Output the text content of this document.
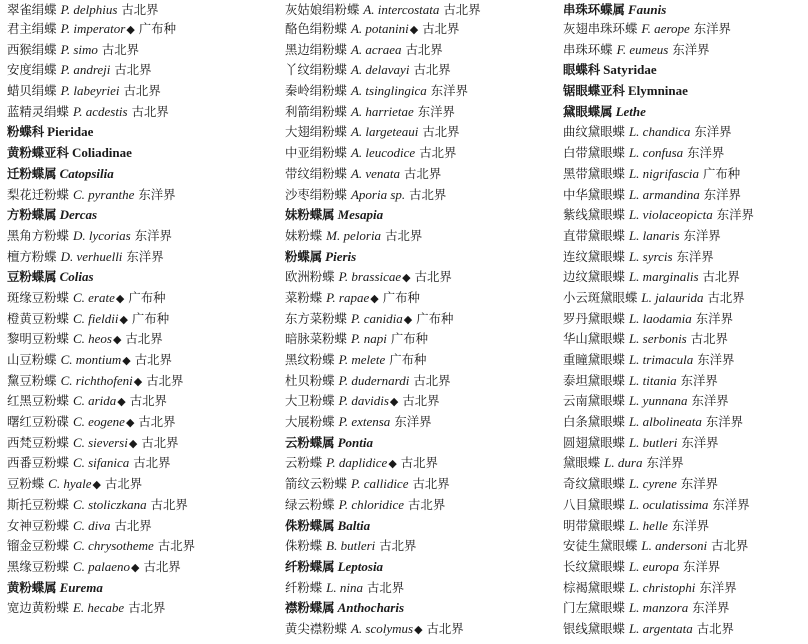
翠雀绢蝶 P. delphius 古北界
君主绢蝶 P. imperator◆ 广布种
西猴绢蝶 P. simo 古北界
安度绢蝶 P. andreji 古北界
蜡贝绢蝶 P. labeyriei 古北界
蓝精灵绢蝶 P. acdestis 古北界
粉蝶科 Pieridae
黄粉蝶亚科 Coliadinae
迁粉蝶属 Catopsilia
梨花迁粉蝶 C. pyranthe 东洋界
方粉蝶属 Dercas
黑角方粉蝶 D. lycorias 东洋界
檀方粉蝶 D. verhuelli 东洋界
豆粉蝶属 Colias
斑缘豆粉蝶 C. erate◆ 广布种
橙黄豆粉蝶 C. fieldii◆ 广布种
黎明豆粉蝶 C. heos◆ 古北界
山豆粉蝶 C. montium◆ 古北界
黧豆粉蝶 C. richthofeni◆ 古北界
红黑豆粉蝶 C. arida◆ 古北界
曙红豆粉碟 C. eogene◆ 古北界
西梵豆粉蝶 C. sieversi◆ 古北界
西番豆粉蝶 C. sifanica 古北界
豆粉蝶 C. hyale◆ 古北界
斯托豆粉蝶 C. stoliczkana 古北界
女神豆粉蝶 C. diva 古北界
镏金豆粉蝶 C. chrysotheme 古北界
黑缘豆粉蝶 C. palaeno◆ 古北界
黄粉蝶属 Eurema
宽边黄粉蝶 E. hecabe 古北界
灰姑娘绢粉蝶 A. intercostata 古北界
酪色绢粉蝶 A. potanini◆ 古北界
黑边绢粉蝶 A. acraea 古北界
丫纹绢粉蝶 A. delavayi 古北界
秦岭绢粉蝶 A. tsinglingica 东洋界
利箭绢粉蝶 A. harrietae 东洋界
大翅绢粉蝶 A. largeteaui 古北界
中亚绢粉蝶 A. leucodice 古北界
带纹绢粉蝶 A. venata 古北界
沙枣绢粉蝶 Aporia sp. 古北界
妹粉蝶属 Mesapia
妹粉蝶 M. peloria 古北界
粉蝶属 Pieris
欧洲粉蝶 P. brassicae◆ 古北界
菜粉蝶 P. rapae◆ 广布种
东方菜粉蝶 P. canidia◆ 广布种
暗脉菜粉蝶 P. napi 广布种
黑纹粉蝶 P. melete 广布种
杜贝粉蝶 P. dudernardi 古北界
大卫粉蝶 P. davidis◆ 古北界
大展粉蝶 P. extensa 东洋界
云粉蝶属 Pontia
云粉蝶 P. daplidice◆ 古北界
箭纹云粉蝶 P. callidice 古北界
绿云粉蝶 P. chloridice 古北界
侏粉蝶属 Baltia
侏粉蝶 B. butleri 古北界
纤粉蝶属 Leptosia
纤粉蝶 L. nina 古北界
襟粉蝶属 Anthocharis
黄尖襟粉蝶 A. scolymus◆ 古北界
串珠环蝶属 Faunis
灰翅串珠环蝶 F. aerope 东洋界
串珠环蝶 F. eumeus 东洋界
眼蝶科 Satyridae
锯眼蝶亚科 Elymninae
黛眼蝶属 Lethe
曲纹黛眼蝶 L. chandica 东洋界
白带黛眼蝶 L. confusa 东洋界
黑带黛眼蝶 L. nigrifascia 广布种
中华黛眼蝶 L. armandina 东洋界
紫线黛眼蝶 L. violaceopicta 东洋界
直带黛眼蝶 L. lanaris 东洋界
连纹黛眼蝶 L. syrcis 东洋界
边纹黛眼蝶 L. marginalis 古北界
小云斑黛眼蝶 L. jalaurida 古北界
罗丹黛眼蝶 L. laodamia 东洋界
华山黛眼蝶 L. serbonis 古北界
重瞳黛眼蝶 L. trimacula 东洋界
泰坦黛眼蝶 L. titania 东洋界
云南黛眼蝶 L. yunnana 东洋界
白条黛眼蝶 L. albolineata 东洋界
圆翅黛眼蝶 L. butleri 东洋界
黛眼蝶 L. dura 东洋界
奇纹黛眼蝶 L. cyrene 东洋界
八目黛眼蝶 L. oculatissima 东洋界
明带黛眼蝶 L. helle 东洋界
安徒生黛眼蝶 L. andersoni 古北界
长纹黛眼蝶 L. europa 东洋界
棕褐黛眼蝶 L. christophi 东洋界
门左黛眼蝶 L. manzora 东洋界
银线黛眼蝶 L. argentata 古北界
